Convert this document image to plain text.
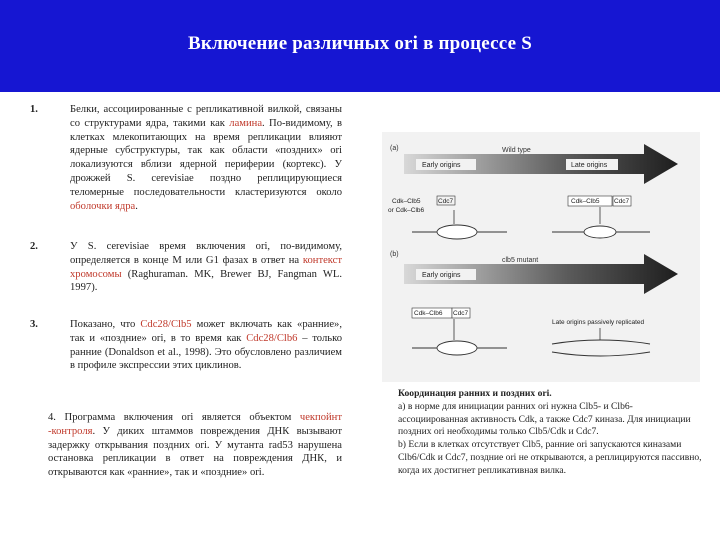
Включение различных ori в процессе S
1.	Белки, ассоциированные с репликативной вилкой, связаны со структурами ядра, такими как ламина. По-видимому, в клетках млекопитающих на время репликации влияют ядерные субструктуры, так как области «поздних» ori локализуются вблизи ядерной периферии (кортекс). У дрожжей S. cerevisiae поздно реплицирующиеся теломерные последовательности кластеризуются около оболочки ядра.
2.	У S. cerevisiae время включения ori, по-видимому, определяется в конце M или G1 фазах в ответ на контекст хромосомы (Raghuraman. MK, Brewer BJ, Fangman WL. 1997).
3.	Показано, что Cdc28/Clb5 может включать как «ранние», так и «поздние» ori, в то время как Cdc28/Clb6 – только ранние (Donaldson et al., 1998). Это обусловлено различием в профиле экспрессии этих циклинов.
4. Программа включения ori является объектом чекпойнт -контроля. У диких штаммов повреждения ДНК вызывают задержку открывания поздних ori. У мутанта rad53 нарушена остановка репликации в ответ на повреждения ДНК, и открываются как «ранние», так и «поздние» ori.
(a)	Wild type
Early origins	Late origins
Cdk–Clb5
or Cdk–Clb6
Cdc7	Cdk–Clb5 Cdc7
(b)
clb5 mutant
Early origins
Cdk–Clb6 Cdc7
Late origins passively replicated
Координация ранних и поздних ori.
а) в норме для инициации ранних ori нужна Clb5- и Clb6-ассоциированная активность Cdk, а также Cdc7 киназа. Для инициации поздних ori необходимы только Clb5/Cdk и Cdc7.
b) Если в клетках отсутствует Clb5, ранние ori запускаются киназами Clb6/Cdk и Cdc7, поздние ori не открываются, а реплицируются пассивно, когда их достигнет репликативная вилка.
